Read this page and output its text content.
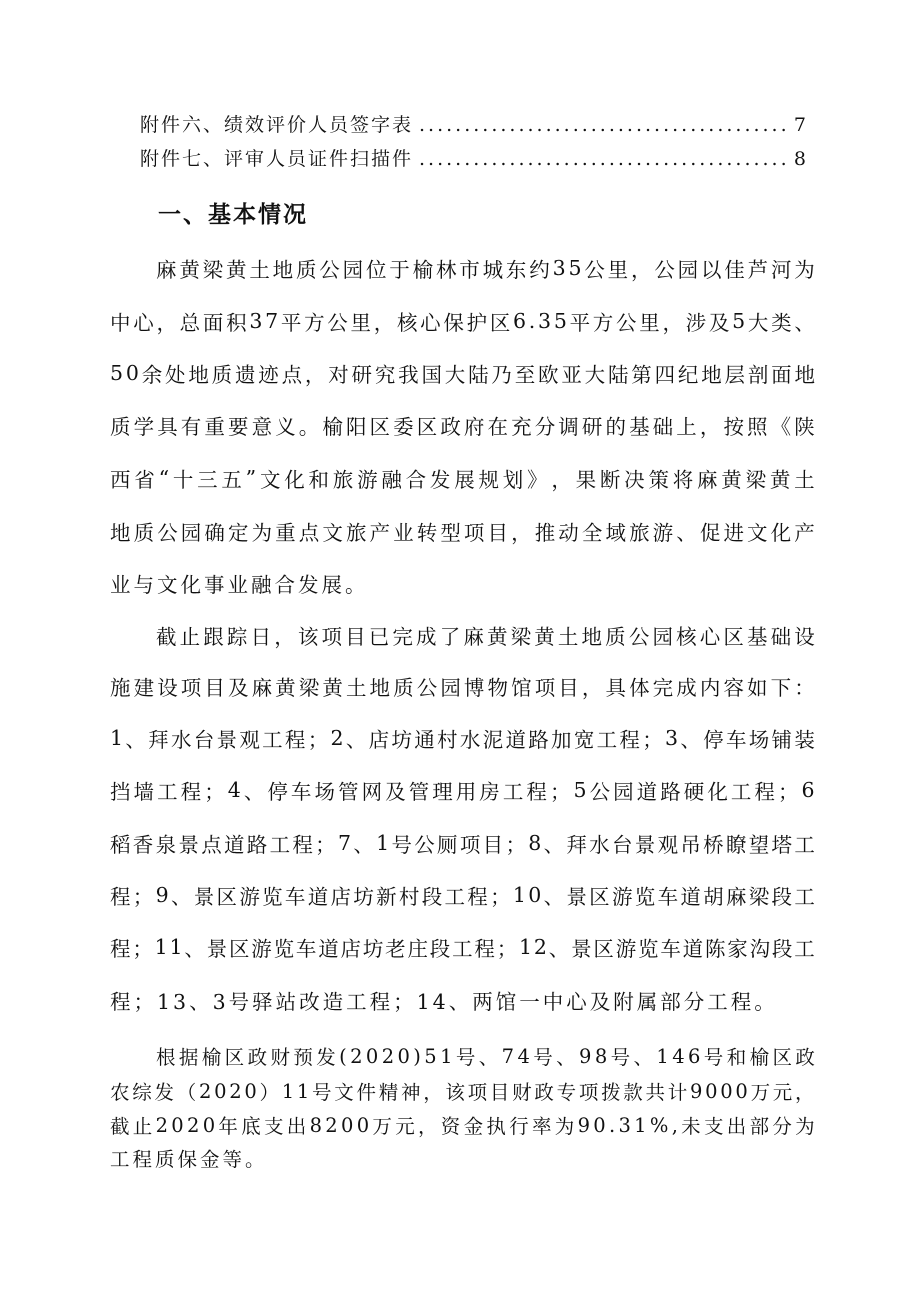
附件六、绩效评价人员签字表 .....	7
附件七、评审人员证件扫描件 .....	8
一、基本情况
麻 黄 梁 黄 土 地 质 公 园 位 于 榆 林 市 城 东 约 3 5 公 里 ， 公 园 以 佳 芦 河 为
中 心 ， 总 面 积 3 7 平 方 公 里 ， 核 心 保 护 区 6 . 3 5 平 方 公 里 ， 涉 及 5 大 类 、
5 0 余 处 地 质 遗 迹 点 ， 对 研 究 我 国 大 陆 乃 至 欧 亚 大 陆 第 四 纪 地 层 剖 面 地
质 学 具 有 重 要 意 义 。 榆 阳 区 委 区 政 府 在 充 分 调 研 的 基 础 上 ， 按 照 《 陕
西 省 “ 十 三 五 ” 文 化 和 旅 游 融 合 发 展 规 划 》 ， 果 断 决 策 将 麻 黄 梁 黄 土
地 质 公 园 确 定 为 重 点 文 旅 产 业 转 型 项 目 ， 推 动 全 域 旅 游 、 促 进 文 化 产
业与文化事业融合发展。
截 止 跟 踪 日 ， 该 项 目 已 完 成 了 麻 黄 梁 黄 土 地 质 公 园 核 心 区 基 础 设
施 建 设 项 目 及 麻 黄 梁 黄 土 地 质 公 园 博 物 馆 项 目 ， 具 体 完 成 内 容 如 下 ：
1 、 拜 水 台 景 观 工 程 ； 2 、 店 坊 通 村 水 泥 道 路 加 宽 工 程 ； 3 、 停 车 场 铺 装
挡 墙 工 程 ； 4 、 停 车 场 管 网 及 管 理 用 房 工 程 ； 5 公 园 道 路 硬 化 工 程 ； 6
稻 香 泉 景 点 道 路 工 程 ； 7 、 1 号 公 厕 项 目 ； 8 、 拜 水 台 景 观 吊 桥 瞭 望 塔 工
程 ； 9 、 景 区 游 览 车 道 店 坊 新 村 段 工 程 ； 1 0 、 景 区 游 览 车 道 胡 麻 梁 段 工
程 ； 1 1 、 景 区 游 览 车 道 店 坊 老 庄 段 工 程 ； 1 2 、 景 区 游 览 车 道 陈 家 沟 段 工
程；13、3号驿站改造工程；14、两馆一中心及附属部分工程。
根 据 榆 区 政 财 预 发 ( 2 0 2 0 ) 5 1 号 、 7 4 号 、 9 8 号 、 1 4 6 号 和 榆 区 政
农 综 发 （ 2 0 2 0 ） 1 1 号 文 件 精 神 ， 该 项 目 财 政 专 项 拨 款 共 计 9 0 0 0 万 元 ，
截 止 2 0 2 0 年 底 支 出 8 2 0 0 万 元 ， 资 金 执 行 率 为 9 0 . 3 1 % , 未 支 出 部 分 为
工程质保金等。
